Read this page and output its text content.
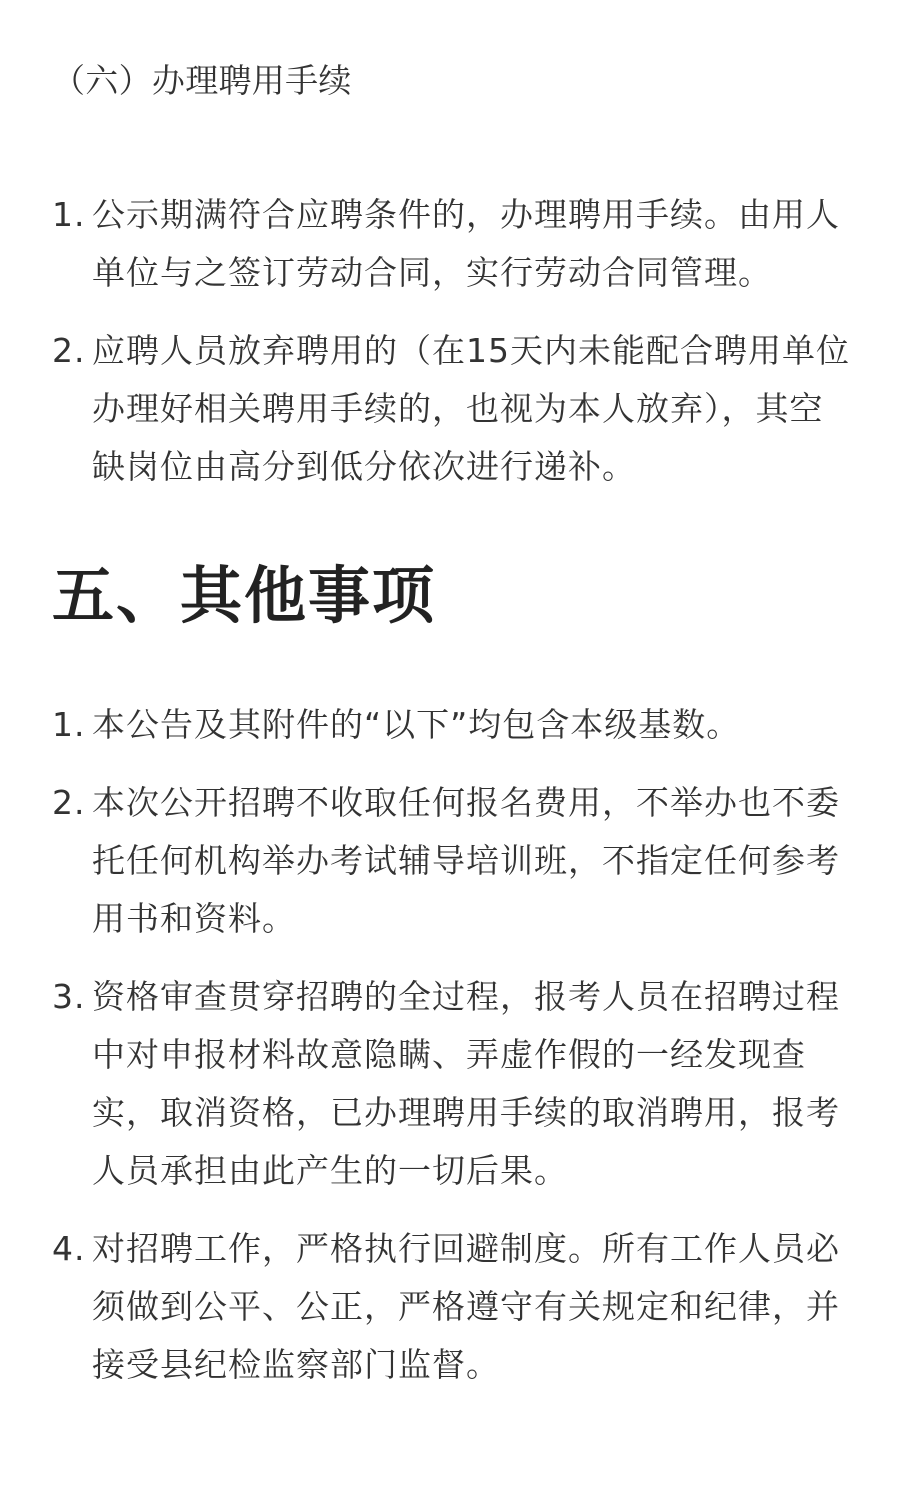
（六）办理聘用手续

1. 公示期满符合应聘条件的，办理聘用手续。由用人单位与之签订劳动合同，实行劳动合同管理。
2. 应聘人员放弃聘用的（在15天内未能配合聘用单位办理好相关聘用手续的，也视为本人放弃），其空缺岗位由高分到低分依次进行递补。
五、其他事项
1. 本公告及其附件的“以下”均包含本级基数。
2. 本次公开招聘不收取任何报名费用，不举办也不委托任何机构举办考试辅导培训班，不指定任何参考用书和资料。
3. 资格审查贯穿招聘的全过程，报考人员在招聘过程中对申报材料故意隐瞒、弄虚作假的一经发现查实，取消资格，已办理聘用手续的取消聘用，报考人员承担由此产生的一切后果。
4. 对招聘工作，严格执行回避制度。所有工作人员必须做到公平、公正，严格遵守有关规定和纪律，并接受县纪检监察部门监督。
